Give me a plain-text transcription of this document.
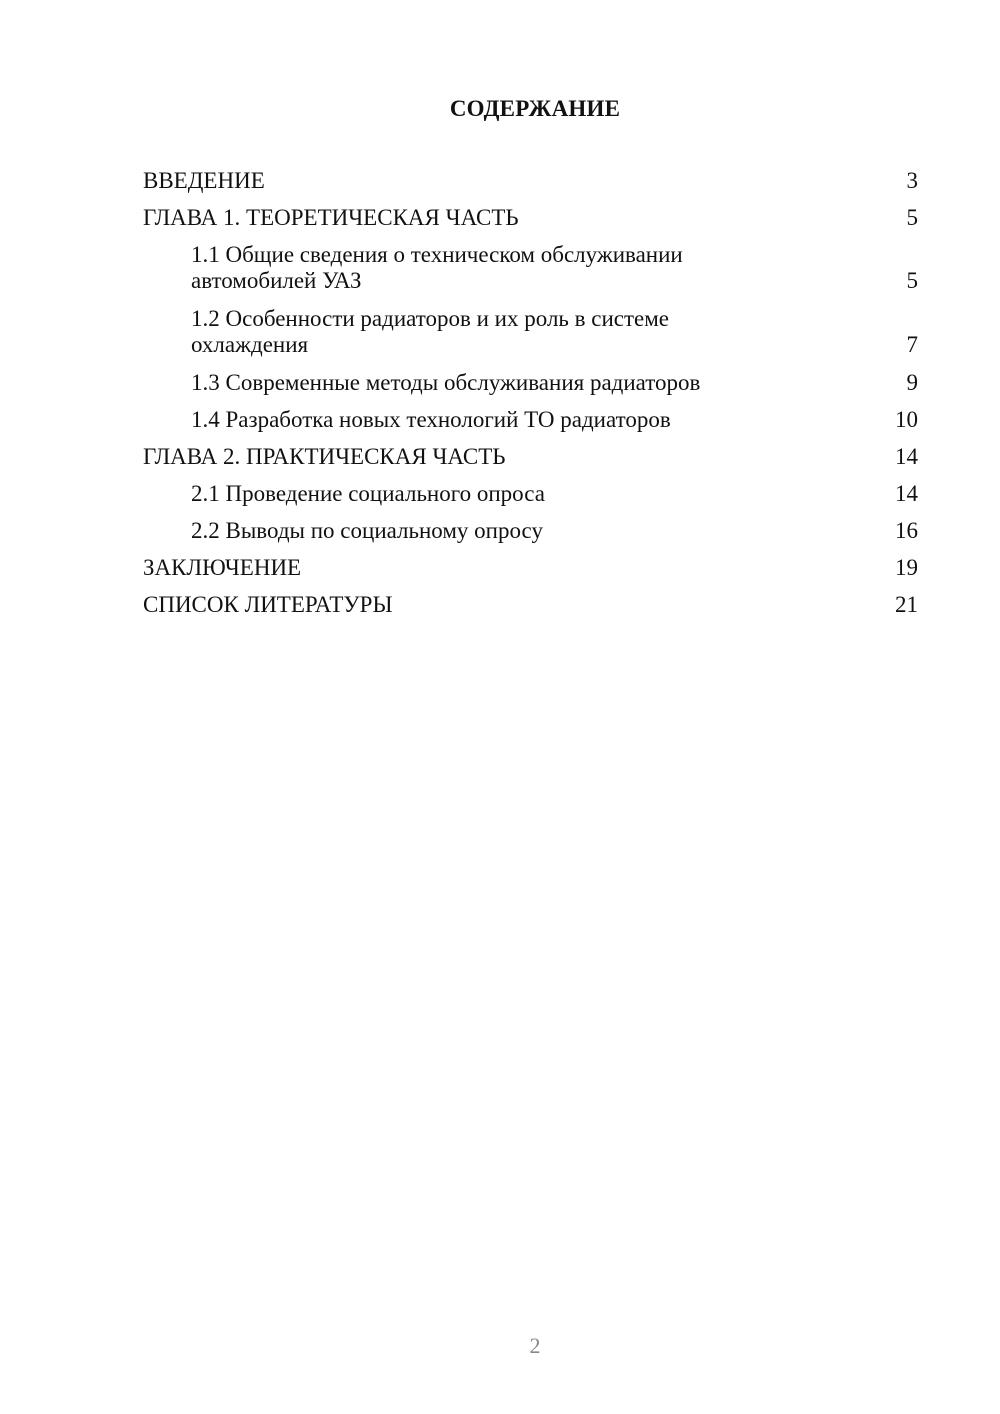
СОДЕРЖАНИЕ
ВВЕДЕНИЕ	3
ГЛАВА 1. ТЕОРЕТИЧЕСКАЯ ЧАСТЬ	5
1.1 Общие сведения о техническом обслуживании автомобилей УАЗ	5
1.2 Особенности радиаторов и их роль в системе охлаждения	7
1.3 Современные методы обслуживания радиаторов	9
1.4 Разработка новых технологий ТО радиаторов	10
ГЛАВА 2. ПРАКТИЧЕСКАЯ ЧАСТЬ	14
2.1 Проведение социального опроса	14
2.2 Выводы по социальному опросу	16
ЗАКЛЮЧЕНИЕ	19
СПИСОК ЛИТЕРАТУРЫ	21
2
